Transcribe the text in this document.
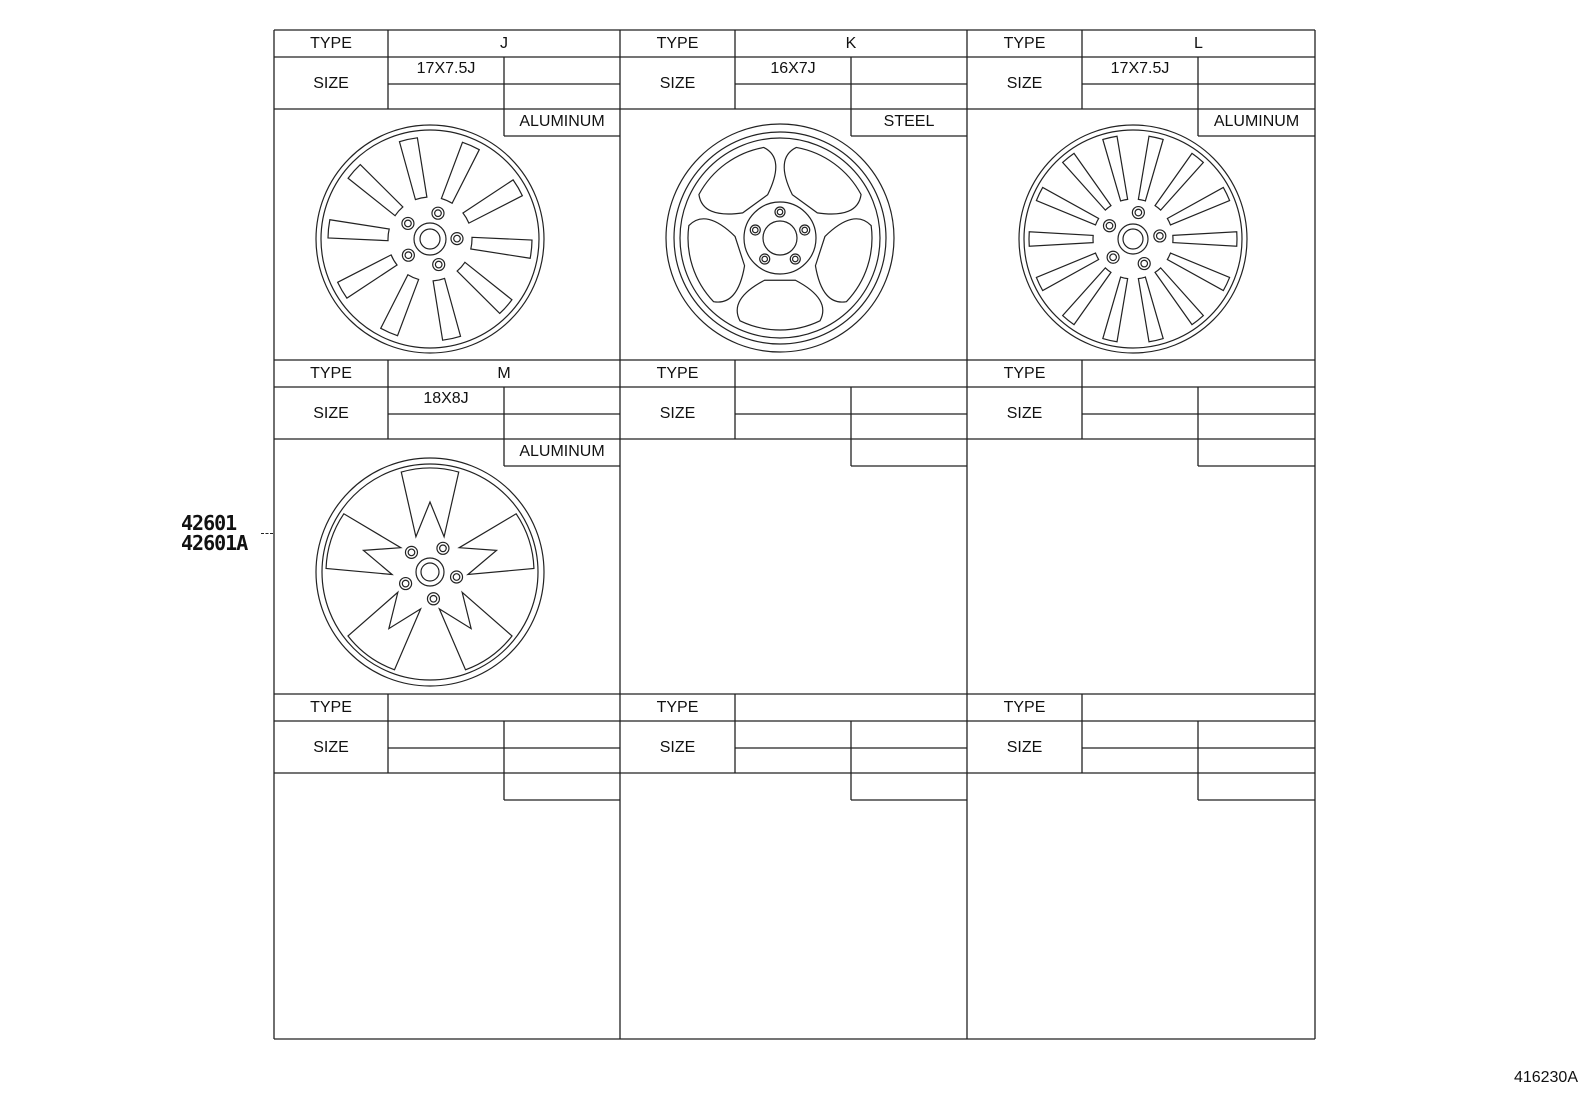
TYPE
SIZE
J
17X7.5J
ALUMINUM
TYPE
SIZE
K
16X7J
STEEL
TYPE
SIZE
L
17X7.5J
ALUMINUM
TYPE
SIZE
M
18X8J
ALUMINUM
TYPE
SIZE
TYPE
SIZE
TYPE
SIZE
TYPE
SIZE
TYPE
SIZE
42601
42601A
416230A
